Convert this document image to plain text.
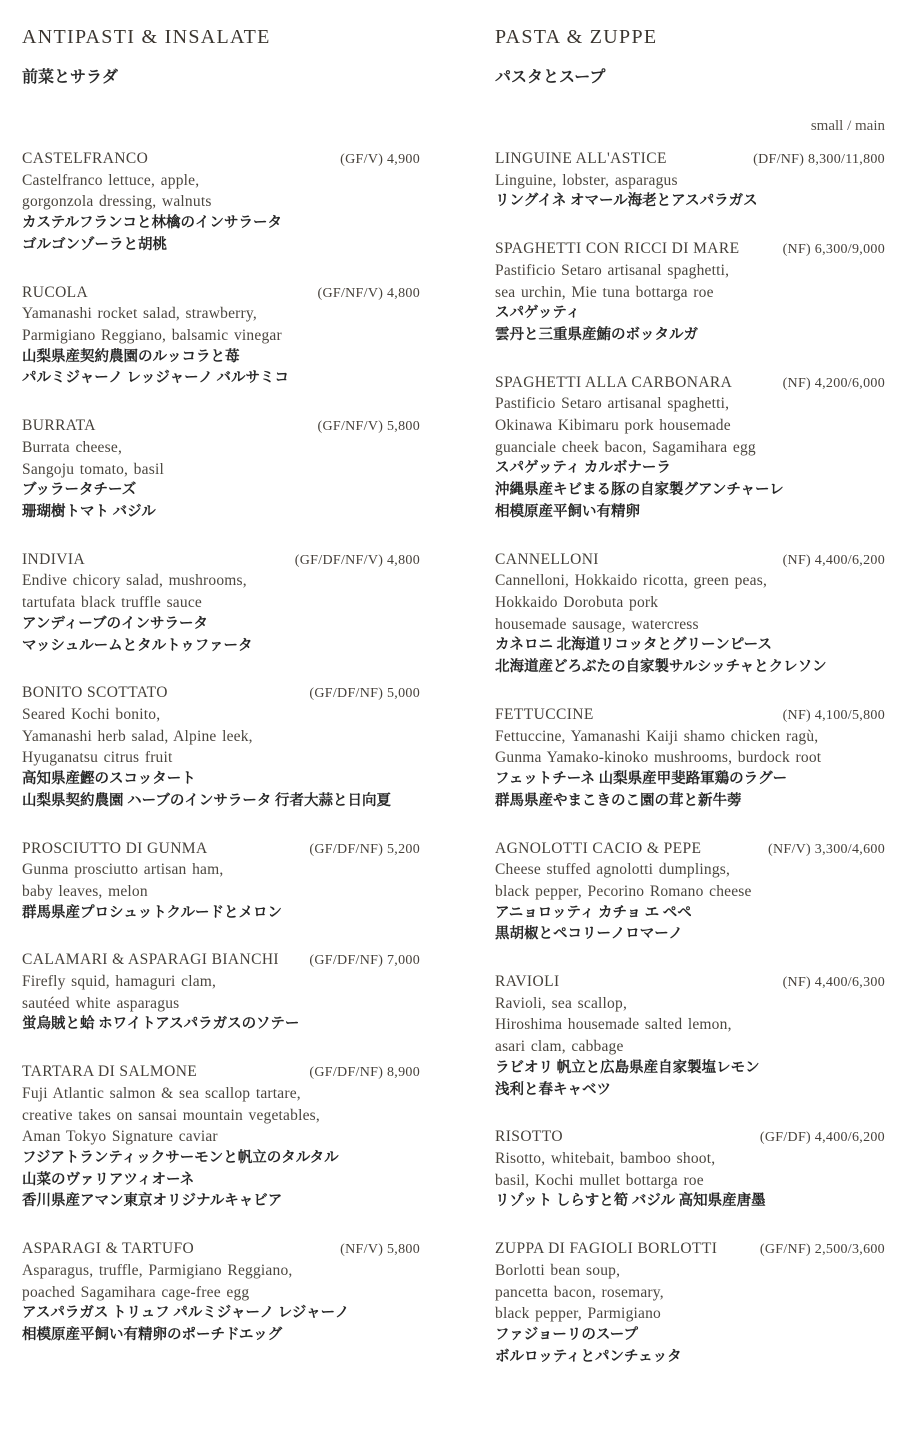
ANTIPASTI & INSALATE
前菜とサラダ
CASTELFRANCO	(GF/V) 4,900
Castelfranco lettuce, apple,
gorgonzola dressing, walnuts
カステルフランコと林檎のインサラータ
ゴルゴンゾーラと胡桃
RUCOLA	(GF/NF/V) 4,800
Yamanashi rocket salad, strawberry,
Parmigiano Reggiano, balsamic vinegar
山梨県産契約農園のルッコラと苺
パルミジャーノ レッジャーノ バルサミコ
BURRATA	(GF/NF/V) 5,800
Burrata cheese,
Sangoju tomato, basil
ブッラータチーズ
珊瑚樹トマト バジル
INDIVIA	(GF/DF/NF/V) 4,800
Endive chicory salad, mushrooms,
tartufata black truffle sauce
アンディーブのインサラータ
マッシュルームとタルトゥファータ
BONITO SCOTTATO	(GF/DF/NF) 5,000
Seared Kochi bonito,
Yamanashi herb salad, Alpine leek,
Hyuganatsu citrus fruit
高知県産鰹のスコッタート
山梨県契約農園 ハーブのインサラータ 行者大蒜と日向夏
PROSCIUTTO DI GUNMA	(GF/DF/NF) 5,200
Gunma prosciutto artisan ham,
baby leaves, melon
群馬県産プロシュットクルードとメロン
CALAMARI & ASPARAGI BIANCHI	(GF/DF/NF) 7,000
Firefly squid, hamaguri clam,
sautéed white asparagus
蛍烏賊と蛤 ホワイトアスパラガスのソテー
TARTARA DI SALMONE	(GF/DF/NF) 8,900
Fuji Atlantic salmon & sea scallop tartare,
creative takes on sansai mountain vegetables,
Aman Tokyo Signature caviar
フジアトランティックサーモンと帆立のタルタル
山菜のヴァリアツィオーネ
香川県産アマン東京オリジナルキャビア
ASPARAGI & TARTUFO	(NF/V) 5,800
Asparagus, truffle, Parmigiano Reggiano,
poached Sagamihara cage-free egg
アスパラガス トリュフ パルミジャーノ レジャーノ
相模原産平飼い有精卵のポーチドエッグ
PASTA & ZUPPE
パスタとスープ
small / main
LINGUINE ALL'ASTICE	(DF/NF) 8,300/11,800
Linguine, lobster, asparagus
リングイネ オマール海老とアスパラガス
SPAGHETTI CON RICCI DI MARE	(NF) 6,300/9,000
Pastificio Setaro artisanal spaghetti,
sea urchin, Mie tuna bottarga roe
スパゲッティ
雲丹と三重県産鮪のボッタルガ
SPAGHETTI ALLA CARBONARA	(NF) 4,200/6,000
Pastificio Setaro artisanal spaghetti,
Okinawa Kibimaru pork housemade
guanciale cheek bacon, Sagamihara egg
スパゲッティ カルボナーラ
沖縄県産キビまる豚の自家製グアンチャーレ
相模原産平飼い有精卵
CANNELLONI	(NF) 4,400/6,200
Cannelloni, Hokkaido ricotta, green peas,
Hokkaido Dorobuta pork
housemade sausage, watercress
カネロニ 北海道リコッタとグリーンピース
北海道産どろぶたの自家製サルシッチャとクレソン
FETTUCCINE	(NF) 4,100/5,800
Fettuccine, Yamanashi Kaiji shamo chicken ragù,
Gunma Yamako-kinoko mushrooms, burdock root
フェットチーネ 山梨県産甲斐路軍鶏のラグー
群馬県産やまこきのこ園の茸と新牛蒡
AGNOLOTTI CACIO & PEPE	(NF/V) 3,300/4,600
Cheese stuffed agnolotti dumplings,
black pepper, Pecorino Romano cheese
アニョロッティ カチョ エ ペペ
黒胡椒とペコリーノロマーノ
RAVIOLI	(NF) 4,400/6,300
Ravioli, sea scallop,
Hiroshima housemade salted lemon,
asari clam, cabbage
ラビオリ 帆立と広島県産自家製塩レモン
浅利と春キャベツ
RISOTTO	(GF/DF) 4,400/6,200
Risotto, whitebait, bamboo shoot,
basil, Kochi mullet bottarga roe
リゾット しらすと筍 バジル 高知県産唐墨
ZUPPA DI FAGIOLI BORLOTTI	(GF/NF) 2,500/3,600
Borlotti bean soup,
pancetta bacon, rosemary,
black pepper, Parmigiano
ファジョーリのスープ
ボルロッティとパンチェッタ
